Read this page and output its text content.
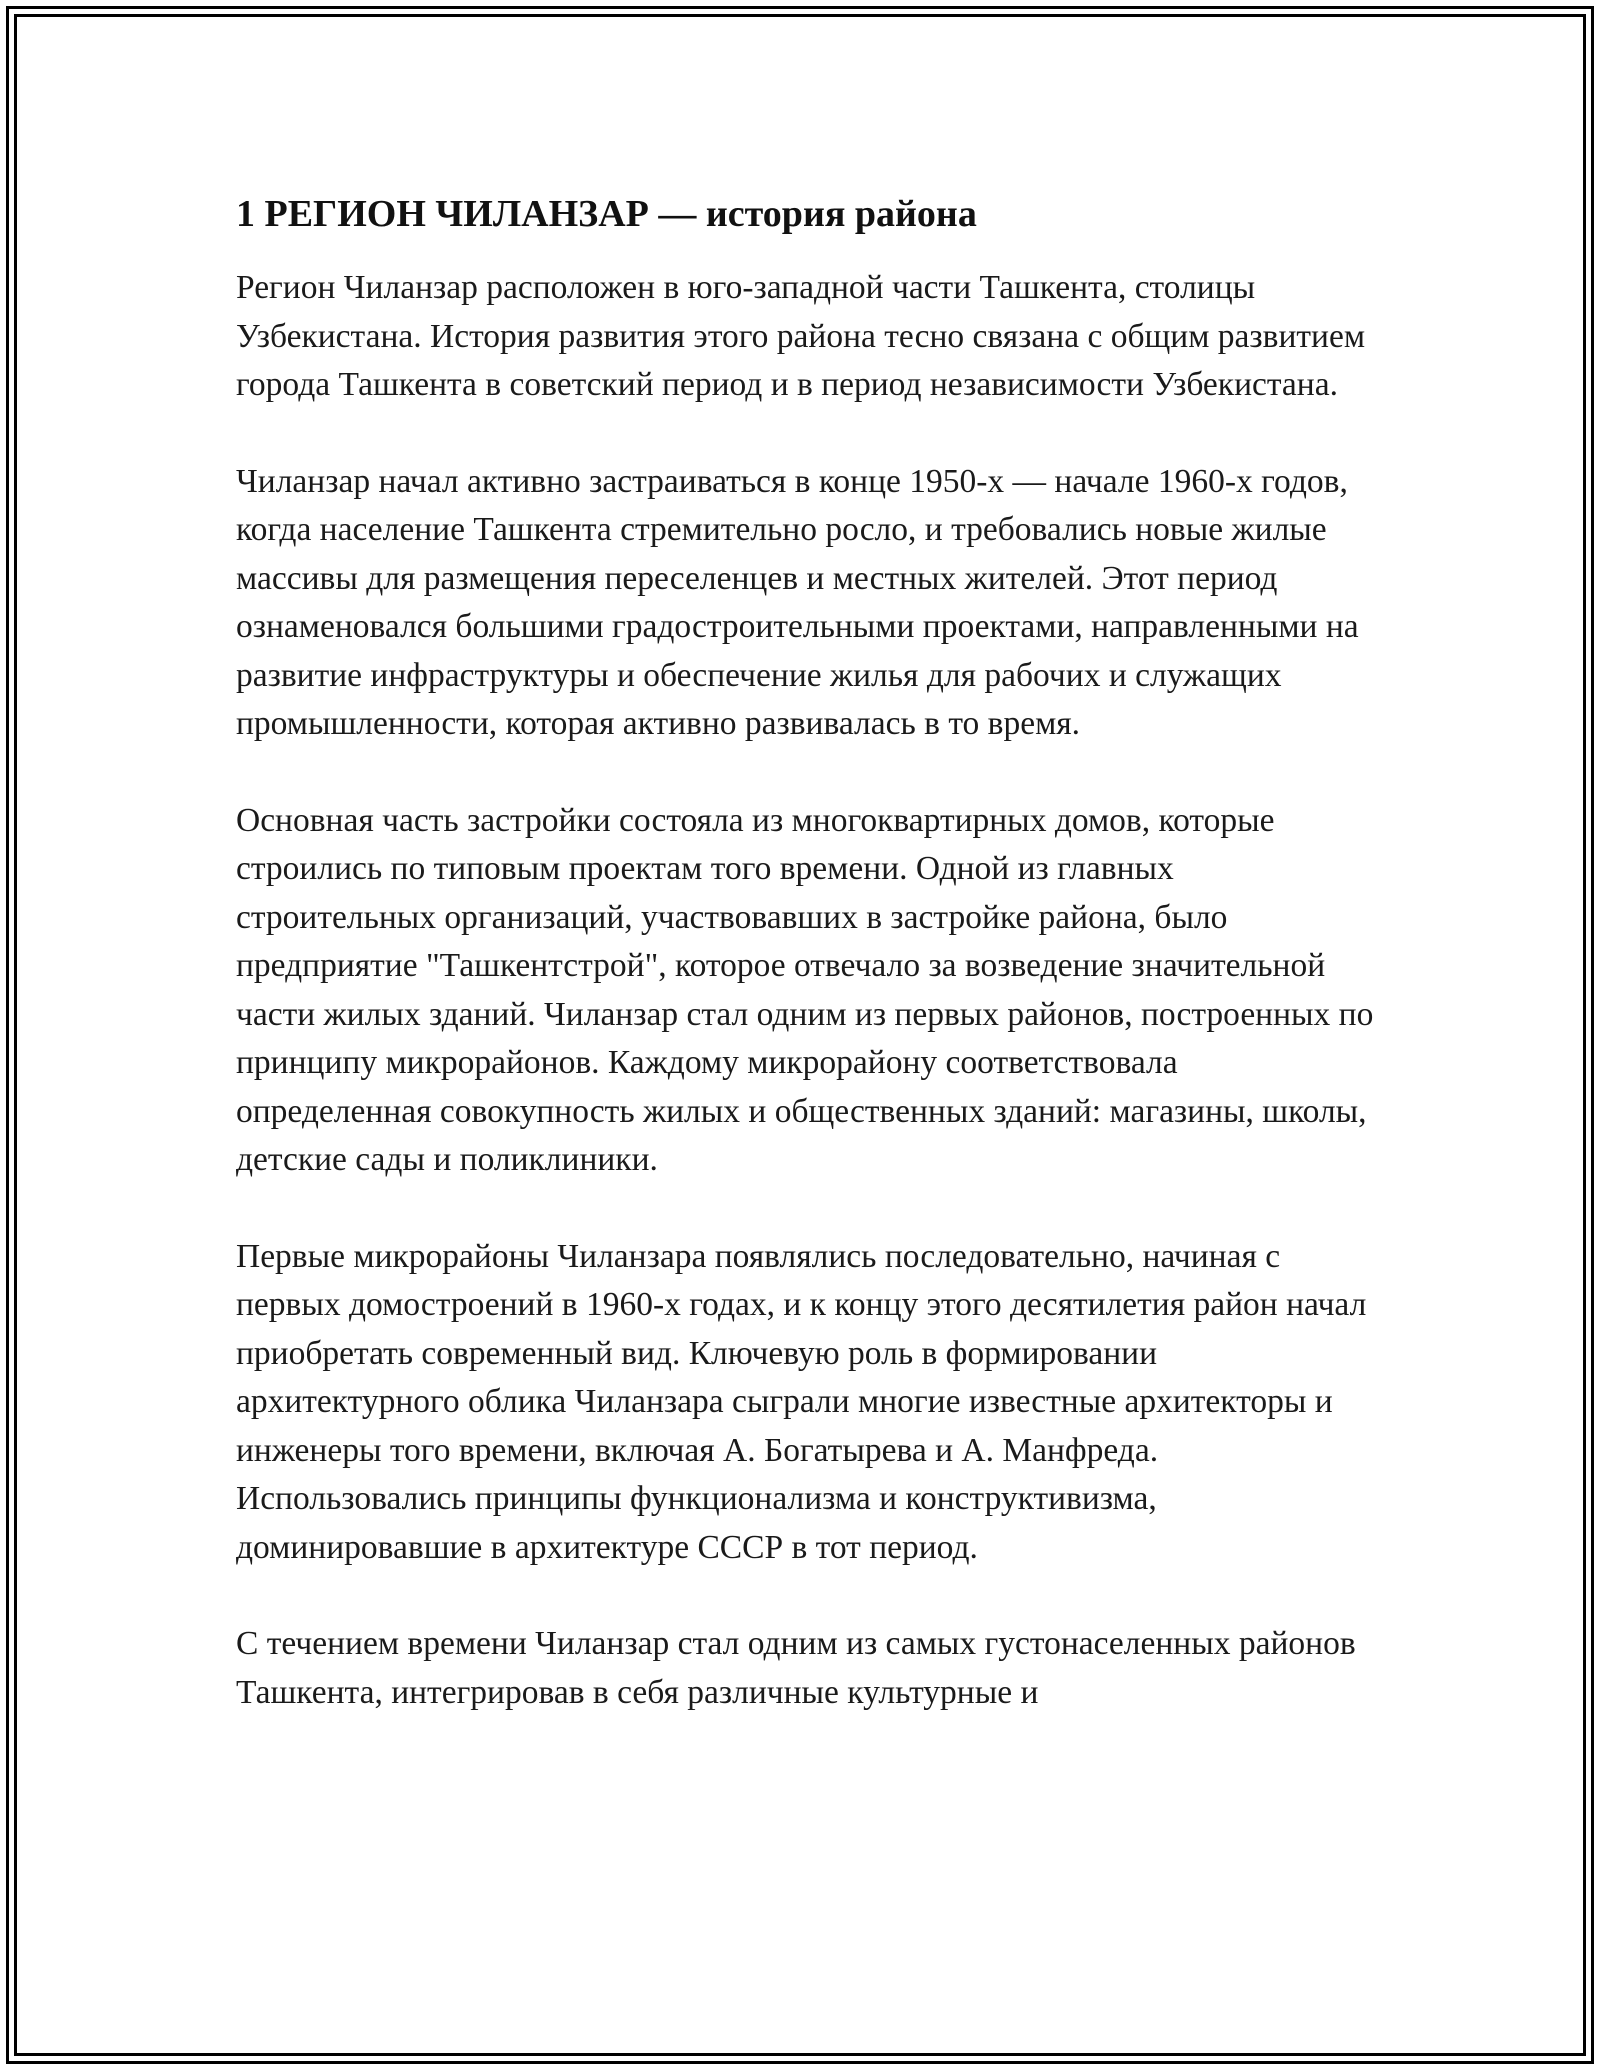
1 РЕГИОН ЧИЛАНЗАР — история района

Регион Чиланзар расположен в юго-западной части Ташкента, столицы Узбекистана. История развития этого района тесно связана с общим развитием города Ташкента в советский период и в период независимости Узбекистана.

Чиланзар начал активно застраиваться в конце 1950-х — начале 1960-х годов, когда население Ташкента стремительно росло, и требовались новые жилые массивы для размещения переселенцев и местных жителей. Этот период ознаменовался большими градостроительными проектами, направленными на развитие инфраструктуры и обеспечение жилья для рабочих и служащих промышленности, которая активно развивалась в то время.

Основная часть застройки состояла из многоквартирных домов, которые строились по типовым проектам того времени. Одной из главных строительных организаций, участвовавших в застройке района, было предприятие "Ташкентстрой", которое отвечало за возведение значительной части жилых зданий. Чиланзар стал одним из первых районов, построенных по принципу микрорайонов. Каждому микрорайону соответствовала определенная совокупность жилых и общественных зданий: магазины, школы, детские сады и поликлиники.

Первые микрорайоны Чиланзара появлялись последовательно, начиная с первых домостроений в 1960-х годах, и к концу этого десятилетия район начал приобретать современный вид. Ключевую роль в формировании архитектурного облика Чиланзара сыграли многие известные архитекторы и инженеры того времени, включая А. Богатырева и А. Манфреда. Использовались принципы функционализма и конструктивизма, доминировавшие в архитектуре СССР в тот период.

С течением времени Чиланзар стал одним из самых густонаселенных районов Ташкента, интегрировав в себя различные культурные и
